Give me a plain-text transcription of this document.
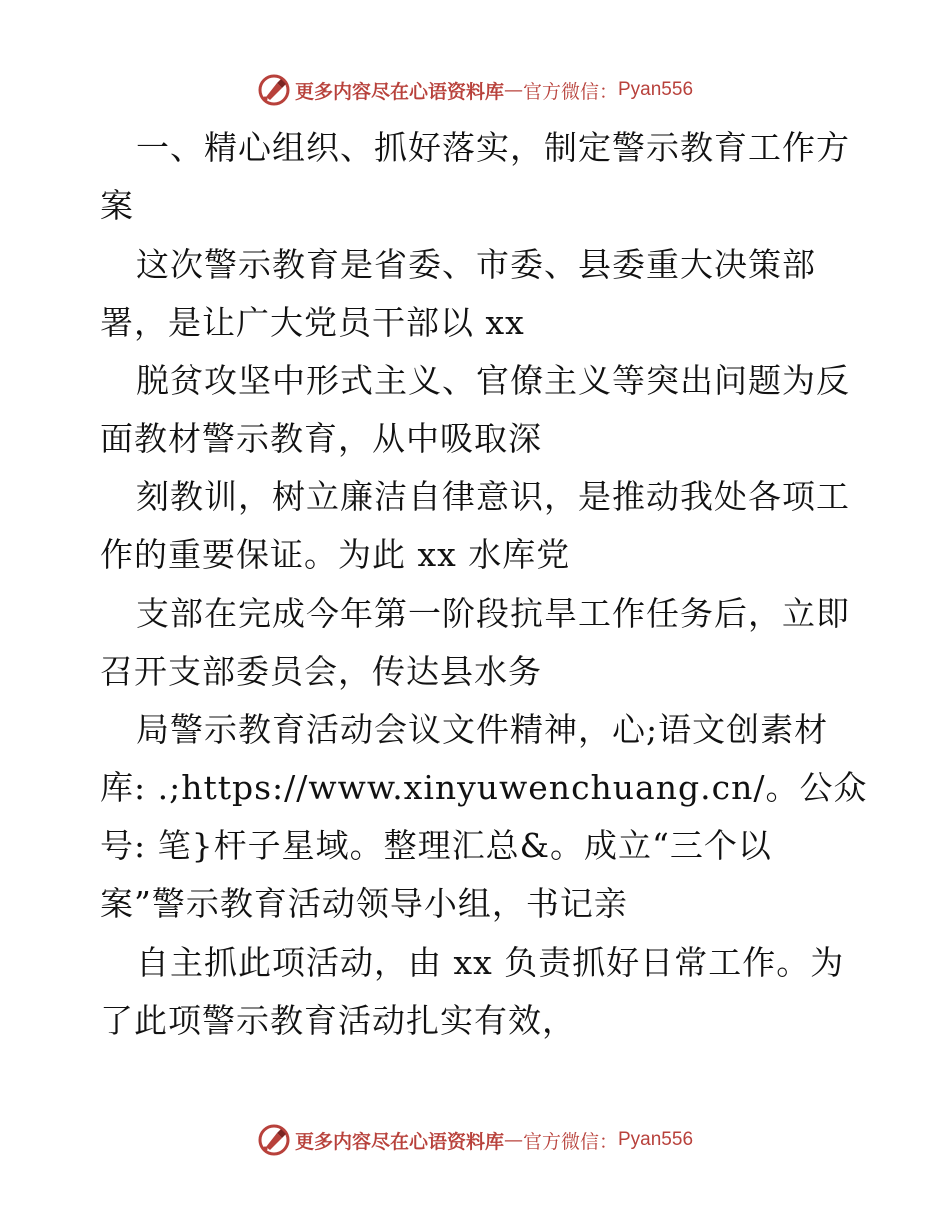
更多内容尽在心语资料库 — 官方微信： Pyan556
一、精心组织、抓好落实，制定警示教育工作方
案
这次警示教育是省委、市委、县委重大决策部
署，是让广大党员干部以 xx
脱贫攻坚中形式主义、官僚主义等突出问题为反
面教材警示教育，从中吸取深
刻教训，树立廉洁自律意识，是推动我处各项工
作的重要保证。为此 xx 水库党
支部在完成今年第一阶段抗旱工作任务后，立即
召开支部委员会，传达县水务
局警示教育活动会议文件精神，心;语文创素材
库: .;https://www.xinyuwenchuang.cn/。公众
号: 笔}杆子星域。整理汇总&。成立“三个以
案”警示教育活动领导小组，书记亲
自主抓此项活动，由 xx 负责抓好日常工作。为
了此项警示教育活动扎实有效，
更多内容尽在心语资料库 — 官方微信： Pyan556
